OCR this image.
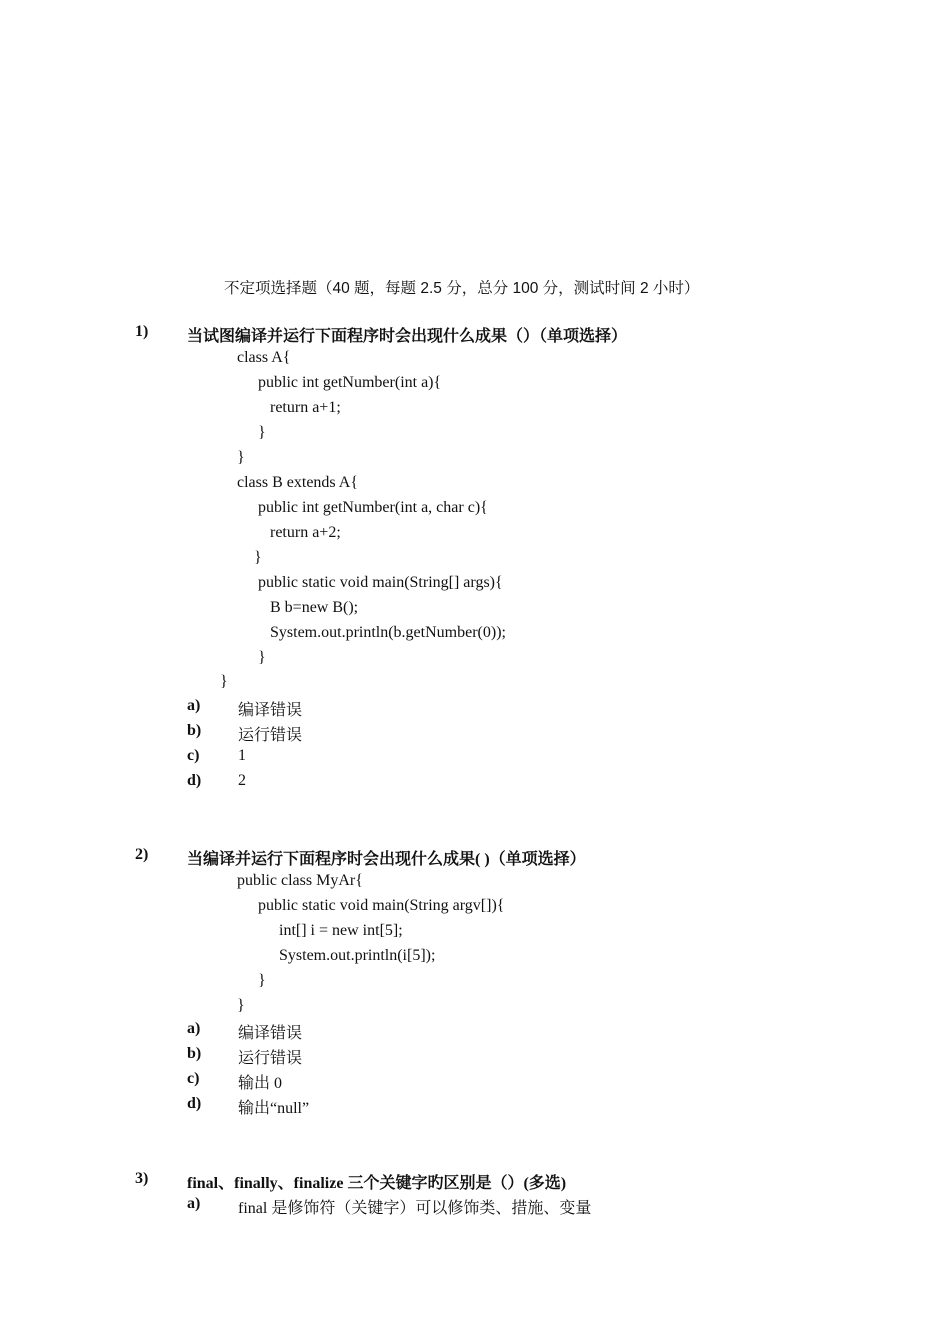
不定项选择题（40 题，每题 2.5 分，总分 100 分，测试时间 2 小时）
1) 当试图编译并运行下面程序时会出现什么成果（）（单项选择）
class A{
public int getNumber(int a){
return a+1;
}
}
class B extends A{
public int getNumber(int a, char c){
return a+2;
}
public static void main(String[] args){
B b=new B();
System.out.println(b.getNumber(0));
}
}
a) 编译错误
b) 运行错误
c) 1
d) 2
2) 当编译并运行下面程序时会出现什么成果( )（单项选择）
public class MyAr{
public static void main(String argv[]){
int[] i = new int[5];
System.out.println(i[5]);
}
}
a) 编译错误
b) 运行错误
c) 输出 0
d) 输出“null”
3) final、finally、finalize 三个关键字旳区别是（）(多选)
a) final 是修饰符（关键字）可以修饰类、措施、变量
